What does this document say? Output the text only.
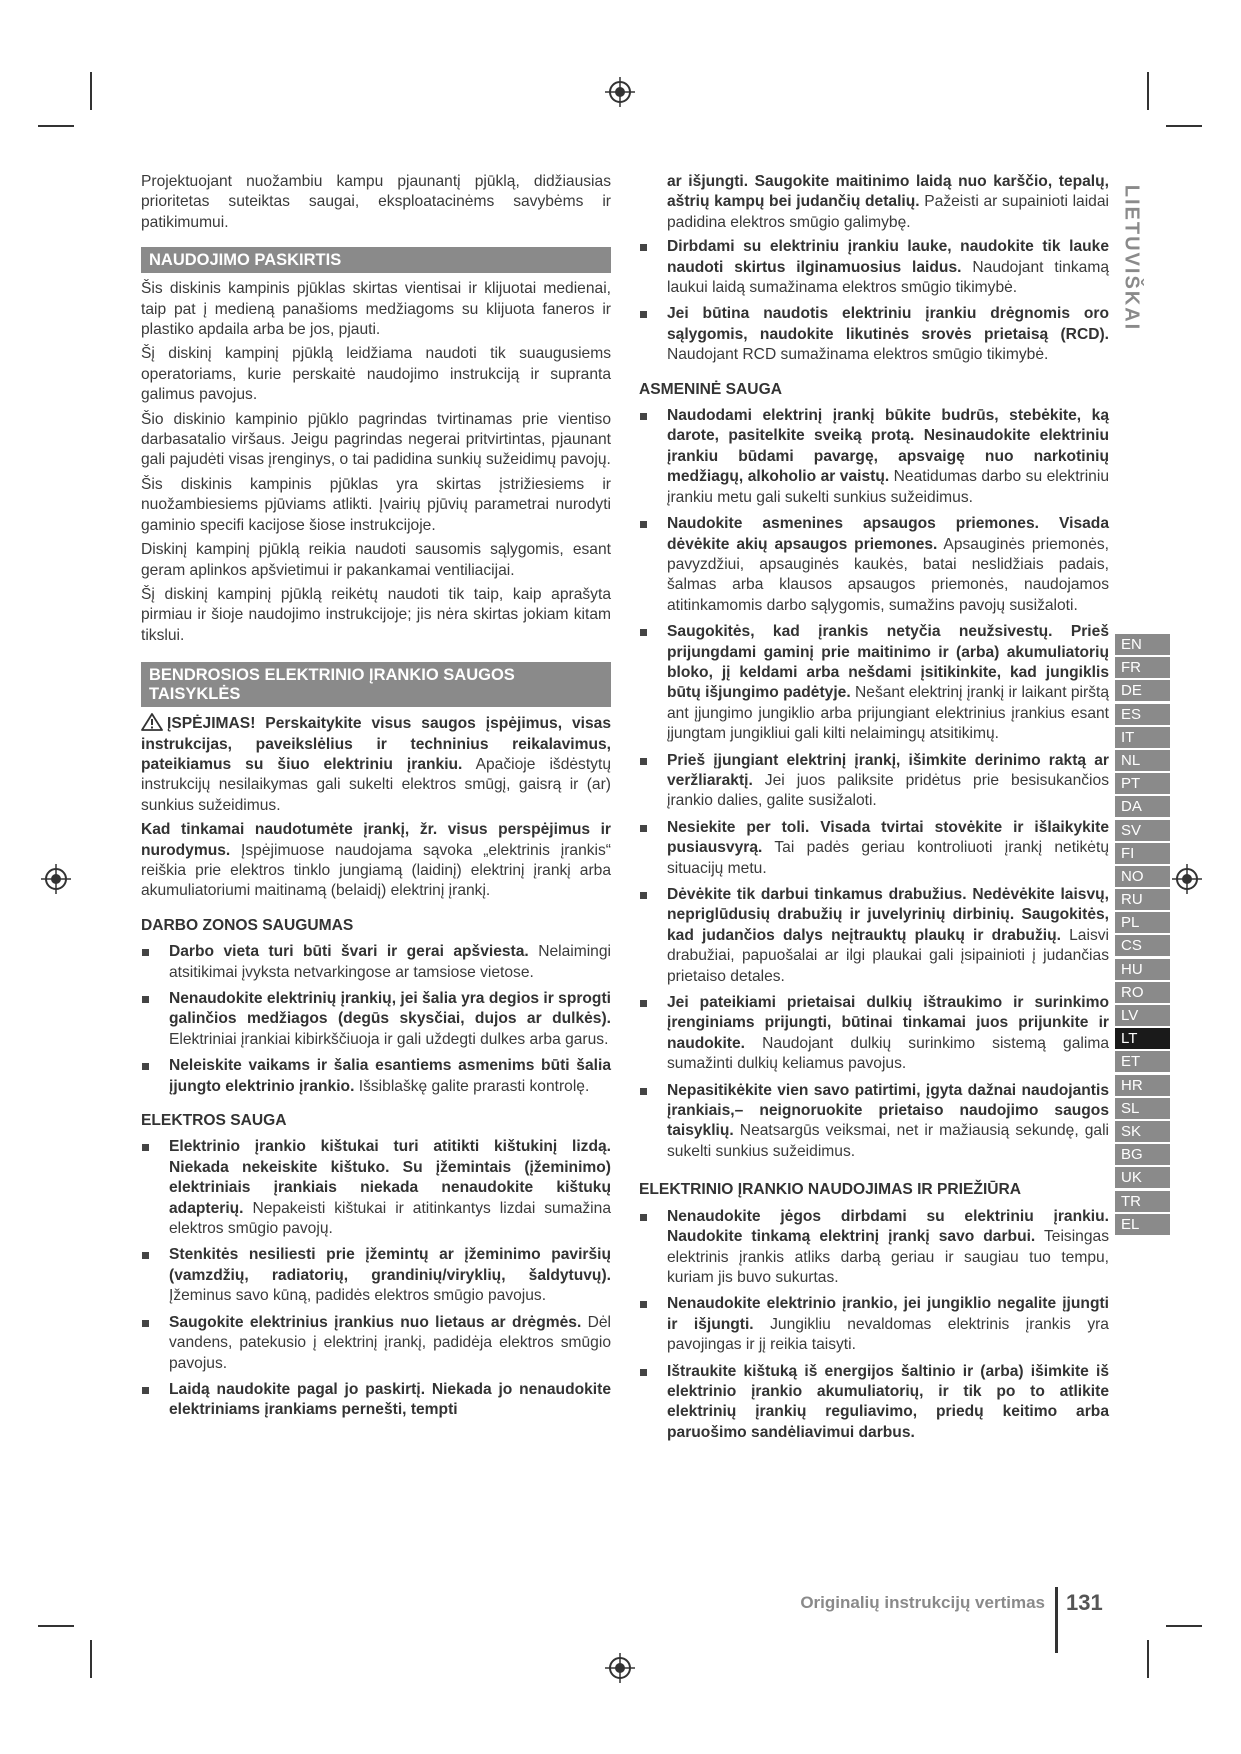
LIETUVIŠKAI
EN
FR
DE
ES
IT
NL
PT
DA
SV
FI
NO
RU
PL
CS
HU
RO
LV
LT
ET
HR
SL
SK
BG
UK
TR
EL

Projektuojant nuožambiu kampu pjaunantį pjūklą, didžiausias prioritetas suteiktas saugai, eksploatacinėms savybėms ir patikimumui.

NAUDOJIMO PASKIRTIS

Šis diskinis kampinis pjūklas skirtas vientisai ir klijuotai medienai, taip pat į medieną panašioms medžiagoms su klijuota faneros ir plastiko apdaila arba be jos, pjauti.

Šį diskinį kampinį pjūklą leidžiama naudoti tik suaugusiems operatoriams, kurie perskaitė naudojimo instrukciją ir supranta galimus pavojus.

Šio diskinio kampinio pjūklo pagrindas tvirtinamas prie vientiso darbasatalio viršaus. Jeigu pagrindas negerai pritvirtintas, pjaunant gali pajudėti visas įrenginys, o tai padidina sunkių sužeidimų pavojų.

Šis diskinis kampinis pjūklas yra skirtas įstrižiesiems ir nuožambiesiems pjūviams atlikti. Įvairių pjūvių parametrai nurodyti gaminio specifi kacijose šiose instrukcijoje.

Diskinį kampinį pjūklą reikia naudoti sausomis sąlygomis, esant geram aplinkos apšvietimui ir pakankamai ventiliacijai.

Šį diskinį kampinį pjūklą reikėtų naudoti tik taip, kaip aprašyta pirmiau ir šioje naudojimo instrukcijoje; jis nėra skirtas jokiam kitam tikslui.

BENDROSIOS ELEKTRINIO ĮRANKIO SAUGOS TAISYKLĖS

ĮSPĖJIMAS! Perskaitykite visus saugos įspėjimus, visas instrukcijas, paveikslėlius ir techninius reikalavimus, pateikiamus su šiuo elektriniu įrankiu. Apačioje išdėstytų instrukcijų nesilaikymas gali sukelti elektros smūgį, gaisrą ir (ar) sunkius sužeidimus.

Kad tinkamai naudotumėte įrankį, žr. visus perspėjimus ir nurodymus. Įspėjimuose naudojama sąvoka „elektrinis įrankis“ reiškia prie elektros tinklo jungiamą (laidinį) elektrinį įrankį arba akumuliatoriumi maitinamą (belaidį) elektrinį įrankį.

DARBO ZONOS SAUGUMAS
Darbo vieta turi būti švari ir gerai apšviesta. Nelaimingi atsitikimai įvyksta netvarkingose ar tamsiose vietose.
Nenaudokite elektrinių įrankių, jei šalia yra degios ir sprogti galinčios medžiagos (degūs skysčiai, dujos ar dulkės). Elektriniai įrankiai kibirkščiuoja ir gali uždegti dulkes arba garus.
Neleiskite vaikams ir šalia esantiems asmenims būti šalia įjungto elektrinio įrankio. Išsiblaškę galite prarasti kontrolę.
ELEKTROS SAUGA
Elektrinio įrankio kištukai turi atitikti kištukinį lizdą. Niekada nekeiskite kištuko. Su įžemintais (įžeminimo) elektriniais įrankiais niekada nenaudokite kištukų adapterių. Nepakeisti kištukai ir atitinkantys lizdai sumažina elektros smūgio pavojų.
Stenkitės nesiliesti prie įžemintų ar įžeminimo paviršių (vamzdžių, radiatorių, grandinių/viryklių, šaldytuvų). Įžeminus savo kūną, padidės elektros smūgio pavojus.
Saugokite elektrinius įrankius nuo lietaus ar drėgmės. Dėl vandens, patekusio į elektrinį įrankį, padidėja elektros smūgio pavojus.
Laidą naudokite pagal jo paskirtį. Niekada jo nenaudokite elektriniams įrankiams pernešti, tempti

ar išjungti. Saugokite maitinimo laidą nuo karščio, tepalų, aštrių kampų bei judančių detalių. Pažeisti ar supainioti laidai padidina elektros smūgio galimybę.

Dirbdami su elektriniu įrankiu lauke, naudokite tik lauke naudoti skirtus ilginamuosius laidus. Naudojant tinkamą laukui laidą sumažinama elektros smūgio tikimybė.
Jei būtina naudotis elektriniu įrankiu drėgnomis oro sąlygomis, naudokite likutinės srovės prietaisą (RCD). Naudojant RCD sumažinama elektros smūgio tikimybė.
ASMENINĖ SAUGA
Naudodami elektrinį įrankį būkite budrūs, stebėkite, ką darote, pasitelkite sveiką protą. Nesinaudokite elektriniu įrankiu būdami pavargę, apsvaigę nuo narkotinių medžiagų, alkoholio ar vaistų. Neatidumas darbo su elektriniu įrankiu metu gali sukelti sunkius sužeidimus.
Naudokite asmenines apsaugos priemones. Visada dėvėkite akių apsaugos priemones. Apsauginės priemonės, pavyzdžiui, apsauginės kaukės, batai neslidžiais padais, šalmas arba klausos apsaugos priemonės, naudojamos atitinkamomis darbo sąlygomis, sumažins pavojų susižaloti.
Saugokitės, kad įrankis netyčia neužsivestų. Prieš prijungdami gaminį prie maitinimo ir (arba) akumuliatorių bloko, jį keldami arba nešdami įsitikinkite, kad jungiklis būtų išjungimo padėtyje. Nešant elektrinį įrankį ir laikant pirštą ant įjungimo jungiklio arba prijungiant elektrinius įrankius esant įjungtam jungikliui gali kilti nelaimingų atsitikimų.
Prieš įjungiant elektrinį įrankį, išimkite derinimo raktą ar veržliaraktį. Jei juos paliksite pridėtus prie besisukančios įrankio dalies, galite susižaloti.
Nesiekite per toli. Visada tvirtai stovėkite ir išlaikykite pusiausvyrą. Tai padės geriau kontroliuoti įrankį netikėtų situacijų metu.
Dėvėkite tik darbui tinkamus drabužius. Nedėvėkite laisvų, nepriglūdusių drabužių ir juvelyrinių dirbinių. Saugokitės, kad judančios dalys neįtrauktų plaukų ir drabužių. Laisvi drabužiai, papuošalai ar ilgi plaukai gali įsipainioti į judančias prietaiso detales.
Jei pateikiami prietaisai dulkių ištraukimo ir surinkimo įrenginiams prijungti, būtinai tinkamai juos prijunkite ir naudokite. Naudojant dulkių surinkimo sistemą galima sumažinti dulkių keliamus pavojus.
Nepasitikėkite vien savo patirtimi, įgyta dažnai naudojantis įrankiais,– neignoruokite prietaiso naudojimo saugos taisyklių. Neatsargūs veiksmai, net ir mažiausią sekundę, gali sukelti sunkius sužeidimus.
ELEKTRINIO ĮRANKIO NAUDOJIMAS IR PRIEŽIŪRA
Nenaudokite jėgos dirbdami su elektriniu įrankiu. Naudokite tinkamą elektrinį įrankį savo darbui. Teisingas elektrinis įrankis atliks darbą geriau ir saugiau tuo tempu, kuriam jis buvo sukurtas.
Nenaudokite elektrinio įrankio, jei jungiklio negalite įjungti ir išjungti. Jungikliu nevaldomas elektrinis įrankis yra pavojingas ir jį reikia taisyti.
Ištraukite kištuką iš energijos šaltinio ir (arba) išimkite iš elektrinio įrankio akumuliatorių, ir tik po to atlikite elektrinių įrankių reguliavimo, priedų keitimo arba paruošimo sandėliavimui darbus.
Originalių instrukcijų vertimas 131
